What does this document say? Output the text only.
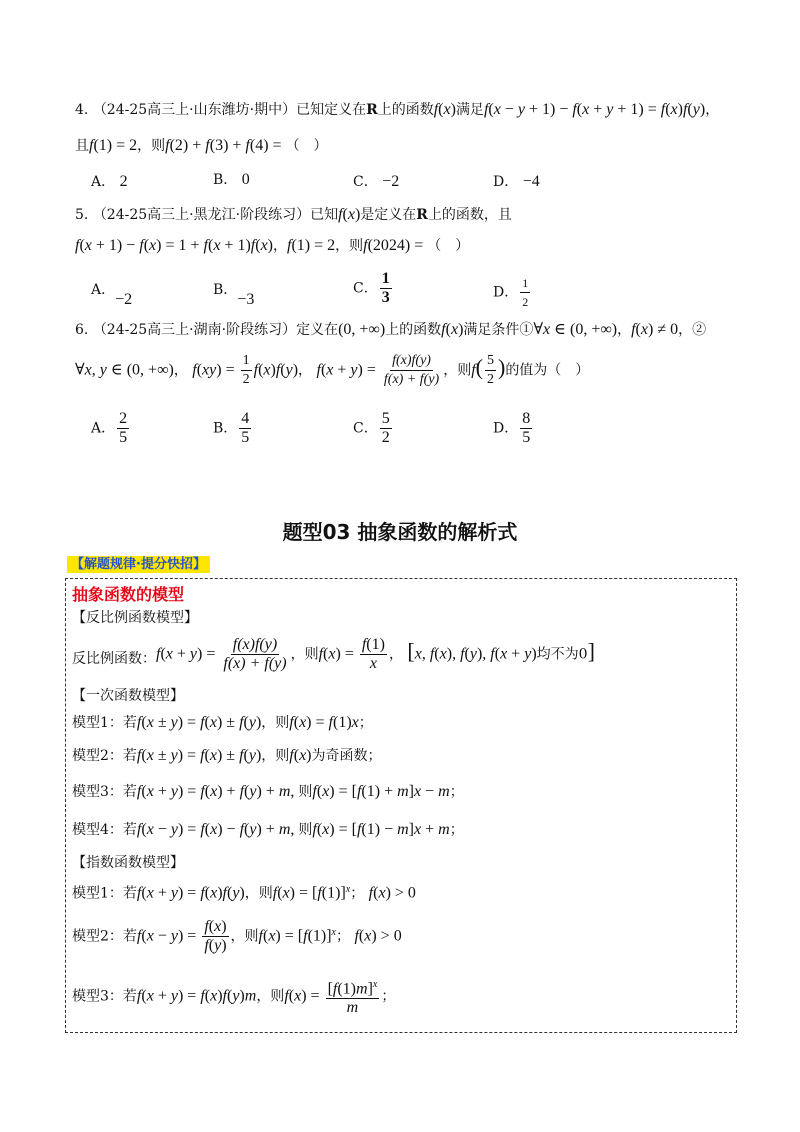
4. （24-25高三上·山东潍坊·期中）已知定义在R上的函数f(x)满足f(x − y + 1) − f(x + y + 1) = f(x)f(y)，
且f(1) = 2，则f(2) + f(3) + f(4) = （　）
A． 2	B． 0	C． −2	D． −4
5. （24-25高三上·黑龙江·阶段练习）已知f(x)是定义在R上的函数，且
f(x + 1) − f(x) = 1 + f(x + 1)f(x)，f(1) = 2，则f(2024) = （　）
A．−2
B．−3
C． $\frac{1}{3}$	D． $\frac{1}{2}$
6. （24-25高三上·湖南·阶段练习）定义在(0, +∞)上的函数f(x)满足条件①∀x ∈ (0, +∞)，f(x) ≠ 0，②
∀x, y ∈ (0, +∞)， $f(xy) = \frac{1}{2} f(x)f(y)$， $f(x + y) = \frac{f(x)f(y)}{f(x) + f(y)}$ ，则$f( \frac{5}{2}$ )的值为（　）
A． $\frac{2}{5}$	B． $\frac{4}{5}$	C． $\frac{5}{2}$	D． $\frac{8}{5}$
题型03 抽象函数的解析式
【解题规律·提分快招】
抽象函数的模型
【反比例函数模型】
反比例函数：$f(x + y) = \frac{f(x)f(y)}{f(x) + f(y)}$ ，则$f(x) = \frac{f(1)}{x}$ ， [x, f(x), f(y), f(x + y)均不为0]
【一次函数模型】
模型1：若f(x ± y) = f(x) ± f(y)，则f(x) = f(1)x；
模型2：若f(x ± y) = f(x) ± f(y)，则f(x)为奇函数；
模型3：若f(x + y) = f(x) + f(y) + m, 则f(x) = [f(1) + m]x − m；
模型4：若f(x − y) = f(x) − f(y) + m, 则f(x) = [f(1) − m]x + m；
【指数函数模型】
模型1：若f(x + y) = f(x)f(y)，则$f(x) = [f(1)]^x$； f(x) > 0
模型2：若$f(x - y) = \frac{f(x)}{f(y)}$ ，则$f(x) = [f(1)]^x$； f(x) > 0
模型3：若f(x + y) = f(x)f(y)m，则$f(x) = \frac{[f(1)m]^x}{m}$ ；
